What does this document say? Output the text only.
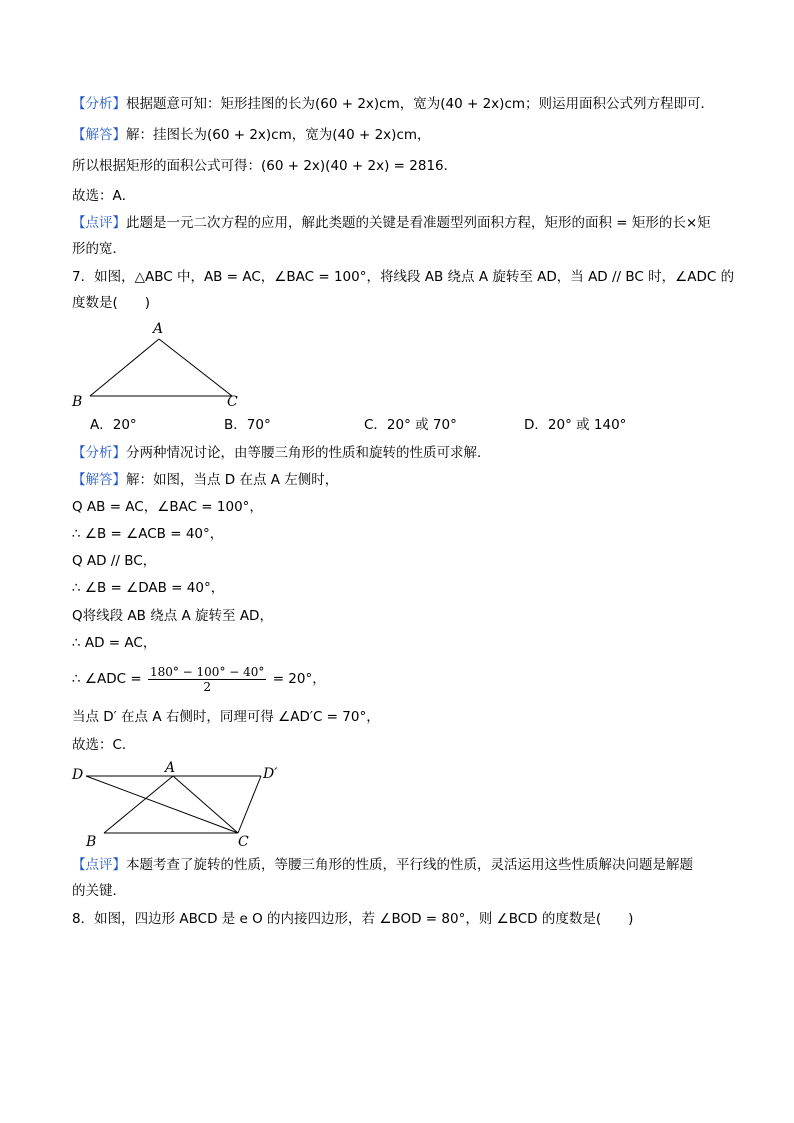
【分析】根据题意可知：矩形挂图的长为(60 + 2x)cm，宽为(40 + 2x)cm；则运用面积公式列方程即可．
【解答】解：挂图长为(60 + 2x)cm，宽为(40 + 2x)cm，
所以根据矩形的面积公式可得：(60 + 2x)(40 + 2x) = 2816．
故选：A．
【点评】此题是一元二次方程的应用，解此类题的关键是看准题型列面积方程，矩形的面积 = 矩形的长×矩
形的宽．
7．如图，△ABC 中，AB = AC，∠BAC = 100°，将线段 AB 绕点 A 旋转至 AD，当 AD // BC 时，∠ADC 的
度数是(　　)
A
B	C
A．20°	B．70°	C．20° 或 70°	D．20° 或 140°
【分析】分两种情况讨论，由等腰三角形的性质和旋转的性质可求解．
【解答】解：如图，当点 D 在点 A 左侧时，
Q AB = AC，∠BAC = 100°，
∴ ∠B = ∠ACB = 40°，
Q AD // BC，
∴ ∠B = ∠DAB = 40°，
Q将线段 AB 绕点 A 旋转至 AD，
∴ AD = AC，
∴ ∠ADC = $\frac{180^\circ - 100^\circ - 40^\circ}{2} = 20^\circ$，
当点 D′ 在点 A 右侧时，同理可得 ∠AD′C = 70°，
故选：C．
D	A	D′
B	C
【点评】本题考查了旋转的性质，等腰三角形的性质，平行线的性质，灵活运用这些性质解决问题是解题
的关键．
8．如图，四边形 ABCD 是 e O 的内接四边形，若 ∠BOD = 80°，则 ∠BCD 的度数是(　　)
